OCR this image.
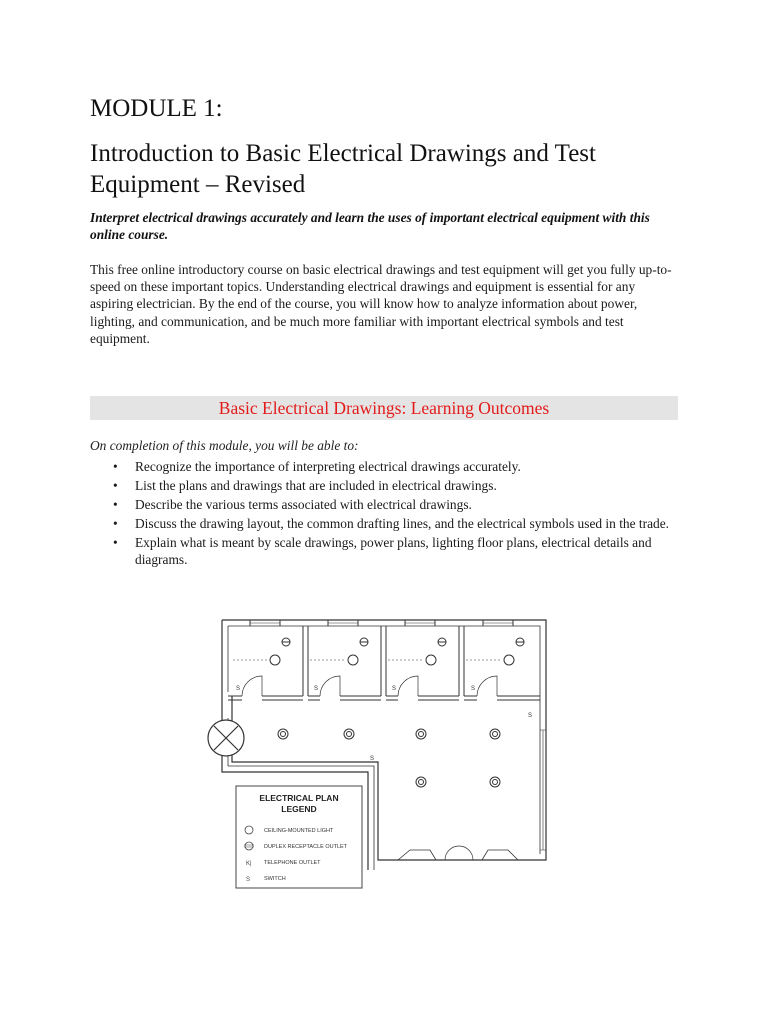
MODULE 1:
Introduction to Basic Electrical Drawings and Test Equipment – Revised
Interpret electrical drawings accurately and learn the uses of important electrical equipment with this online course.
This free online introductory course on basic electrical drawings and test equipment will get you fully up-to-speed on these important topics. Understanding electrical drawings and equipment is essential for any aspiring electrician. By the end of the course, you will know how to analyze information about power, lighting, and communication, and be much more familiar with important electrical symbols and test equipment.
Basic Electrical Drawings: Learning Outcomes
On completion of this module, you will be able to:
• Recognize the importance of interpreting electrical drawings accurately.
• List the plans and drawings that are included in electrical drawings.
• Describe the various terms associated with electrical drawings.
• Discuss the drawing layout, the common drafting lines, and the electrical symbols used in the trade.
• Explain what is meant by scale drawings, power plans, lighting floor plans, electrical details and diagrams.
S	S	S	S
S
S
ELECTRICAL PLAN
LEGEND
K|
S
CEILING-MOUNTED LIGHT
DUPLEX RECEPTACLE OUTLET
TELEPHONE OUTLET
SWITCH
